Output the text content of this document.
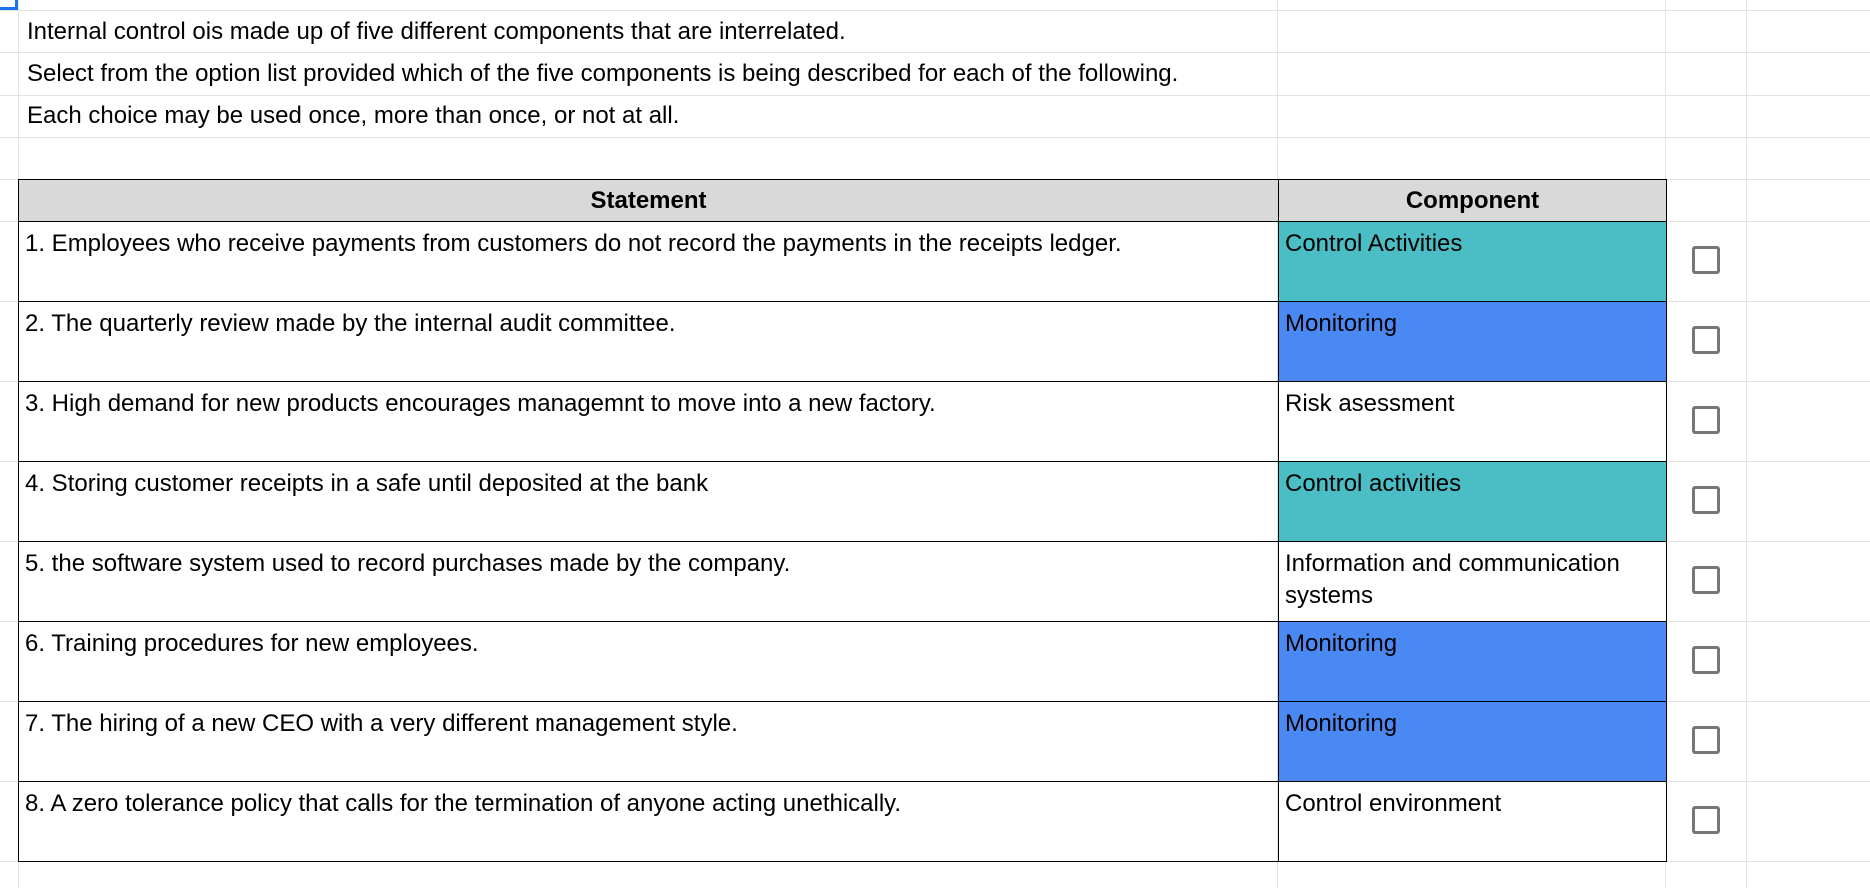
Internal control ois made up of five different components that are interrelated.
Select from the option list provided which of the five components is being described for each of the following.
Each choice may be used once, more than once, or not at all.
Statement	Component
1. Employees who receive payments from customers do not record the payments in the receipts ledger.	Control Activities
2. The quarterly review made by the internal audit committee.	Monitoring
3. High demand for new products encourages managemnt to move into a new factory.	Risk asessment
4. Storing customer receipts in a safe until deposited at the bank	Control activities
5. the software system used to record purchases made by the company.	Information and communication systems
6. Training procedures for new employees.	Monitoring
7. The hiring of a new CEO with a very different management style.	Monitoring
8. A zero tolerance policy that calls for the termination of anyone acting unethically.	Control environment
